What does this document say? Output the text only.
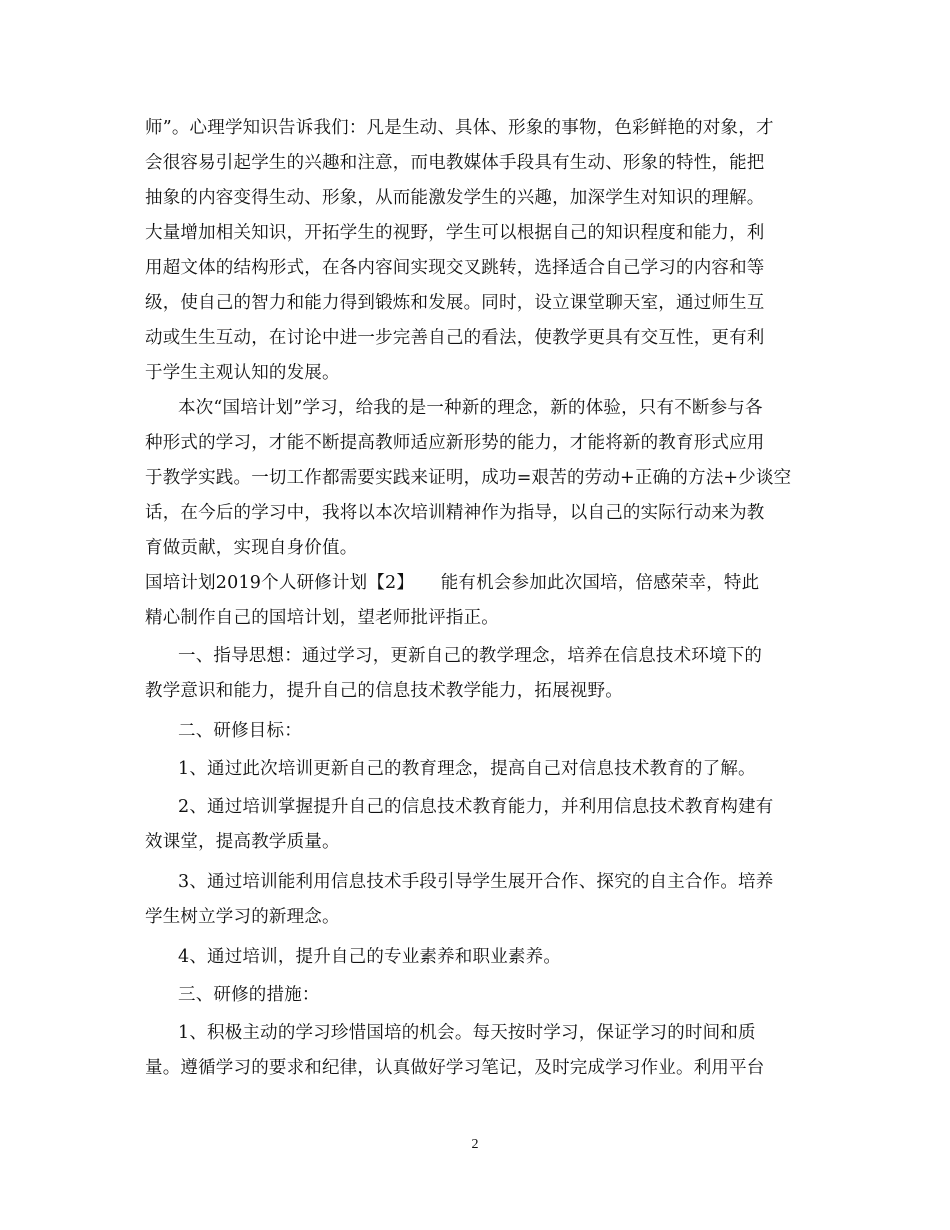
师”。心理学知识告诉我们：凡是生动、具体、形象的事物，色彩鲜艳的对象，才
会很容易引起学生的兴趣和注意，而电教媒体手段具有生动、形象的特性，能把
抽象的内容变得生动、形象，从而能激发学生的兴趣，加深学生对知识的理解。
大量增加相关知识，开拓学生的视野，学生可以根据自己的知识程度和能力，利
用超文体的结构形式，在各内容间实现交叉跳转，选择适合自己学习的内容和等
级，使自己的智力和能力得到锻炼和发展。同时，设立课堂聊天室，通过师生互
动或生生互动，在讨论中进一步完善自己的看法，使教学更具有交互性，更有利
于学生主观认知的发展。
本次“国培计划”学习，给我的是一种新的理念，新的体验，只有不断参与各
种形式的学习，才能不断提高教师适应新形势的能力，才能将新的教育形式应用
于教学实践。一切工作都需要实践来证明，成功=艰苦的劳动+正确的方法+少谈空
话，在今后的学习中，我将以本次培训精神作为指导，以自己的实际行动来为教
育做贡献，实现自身价值。
国培计划2019个人研修计划【2】　　能有机会参加此次国培，倍感荣幸，特此
精心制作自己的国培计划，望老师批评指正。
一、指导思想：通过学习，更新自己的教学理念，培养在信息技术环境下的
教学意识和能力，提升自己的信息技术教学能力，拓展视野。
二、研修目标：
1、通过此次培训更新自己的教育理念，提高自己对信息技术教育的了解。
2、通过培训掌握提升自己的信息技术教育能力，并利用信息技术教育构建有
效课堂，提高教学质量。
3、通过培训能利用信息技术手段引导学生展开合作、探究的自主合作。培养
学生树立学习的新理念。
4、通过培训，提升自己的专业素养和职业素养。
三、研修的措施：
1、积极主动的学习珍惜国培的机会。每天按时学习，保证学习的时间和质
量。遵循学习的要求和纪律，认真做好学习笔记，及时完成学习作业。利用平台
2
